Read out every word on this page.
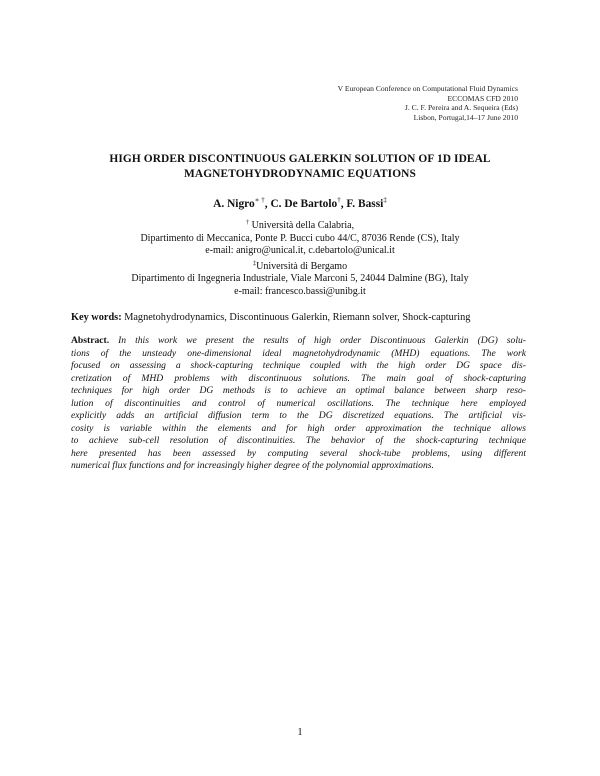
V European Conference on Computational Fluid Dynamics
ECCOMAS CFD 2010
J. C. F. Pereira and A. Sequeira (Eds)
Lisbon, Portugal,14–17 June 2010
HIGH ORDER DISCONTINUOUS GALERKIN SOLUTION OF 1D IDEAL
MAGNETOHYDRODYNAMIC EQUATIONS
A. Nigro∗ †, C. De Bartolo†, F. Bassi‡
† Università della Calabria,
Dipartimento di Meccanica, Ponte P. Bucci cubo 44/C, 87036 Rende (CS), Italy
e-mail: anigro@unical.it, c.debartolo@unical.it
‡Università di Bergamo
Dipartimento di Ingegneria Industriale, Viale Marconi 5, 24044 Dalmine (BG), Italy
e-mail: francesco.bassi@unibg.it
Key words: Magnetohydrodynamics, Discontinuous Galerkin, Riemann solver, Shock-capturing
Abstract. In this work we present the results of high order Discontinuous Galerkin (DG) solu-
tions of the unsteady one-dimensional ideal magnetohydrodynamic (MHD) equations. The work
focused on assessing a shock-capturing technique coupled with the high order DG space dis-
cretization of MHD problems with discontinuous solutions. The main goal of shock-capturing
techniques for high order DG methods is to achieve an optimal balance between sharp reso-
lution of discontinuities and control of numerical oscillations. The technique here employed
explicitly adds an artificial diffusion term to the DG discretized equations. The artificial vis-
cosity is variable within the elements and for high order approximation the technique allows
to achieve sub-cell resolution of discontinuities. The behavior of the shock-capturing technique
here presented has been assessed by computing several shock-tube problems, using different
numerical flux functions and for increasingly higher degree of the polynomial approximations.
1
